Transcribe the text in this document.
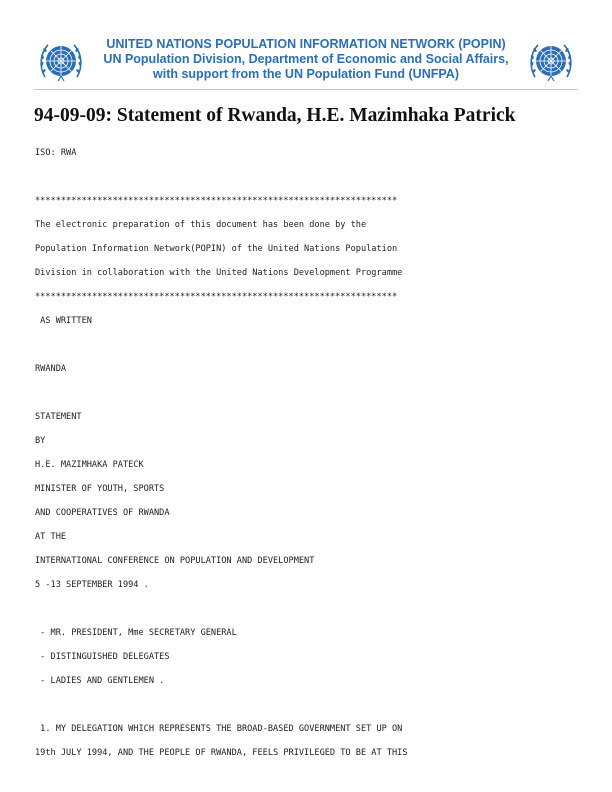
UNITED NATIONS POPULATION INFORMATION NETWORK (POPIN)
UN Population Division, Department of Economic and Social Affairs,
with support from the UN Population Fund (UNFPA)
94-09-09: Statement of Rwanda, H.E. Mazimhaka Patrick
ISO: RWA
**********************************************************************
The electronic preparation of this document has been done by the
Population Information Network(POPIN) of the United Nations Population
Division in collaboration with the United Nations Development Programme
**********************************************************************
AS WRITTEN
RWANDA
STATEMENT
BY
H.E. MAZIMHAKA PATECK
MINISTER OF YOUTH, SPORTS
AND COOPERATIVES OF RWANDA
AT THE
INTERNATIONAL CONFERENCE ON POPULATION AND DEVELOPMENT
5 -13 SEPTEMBER 1994 .
- MR. PRESIDENT, Mme SECRETARY GENERAL
- DISTINGUISHED DELEGATES
- LADIES AND GENTLEMEN .
1. MY DELEGATION WHICH REPRESENTS THE BROAD-BASED GOVERNMENT SET UP ON
19th JULY 1994, AND THE PEOPLE OF RWANDA, FEELS PRIVILEGED TO BE AT THIS
